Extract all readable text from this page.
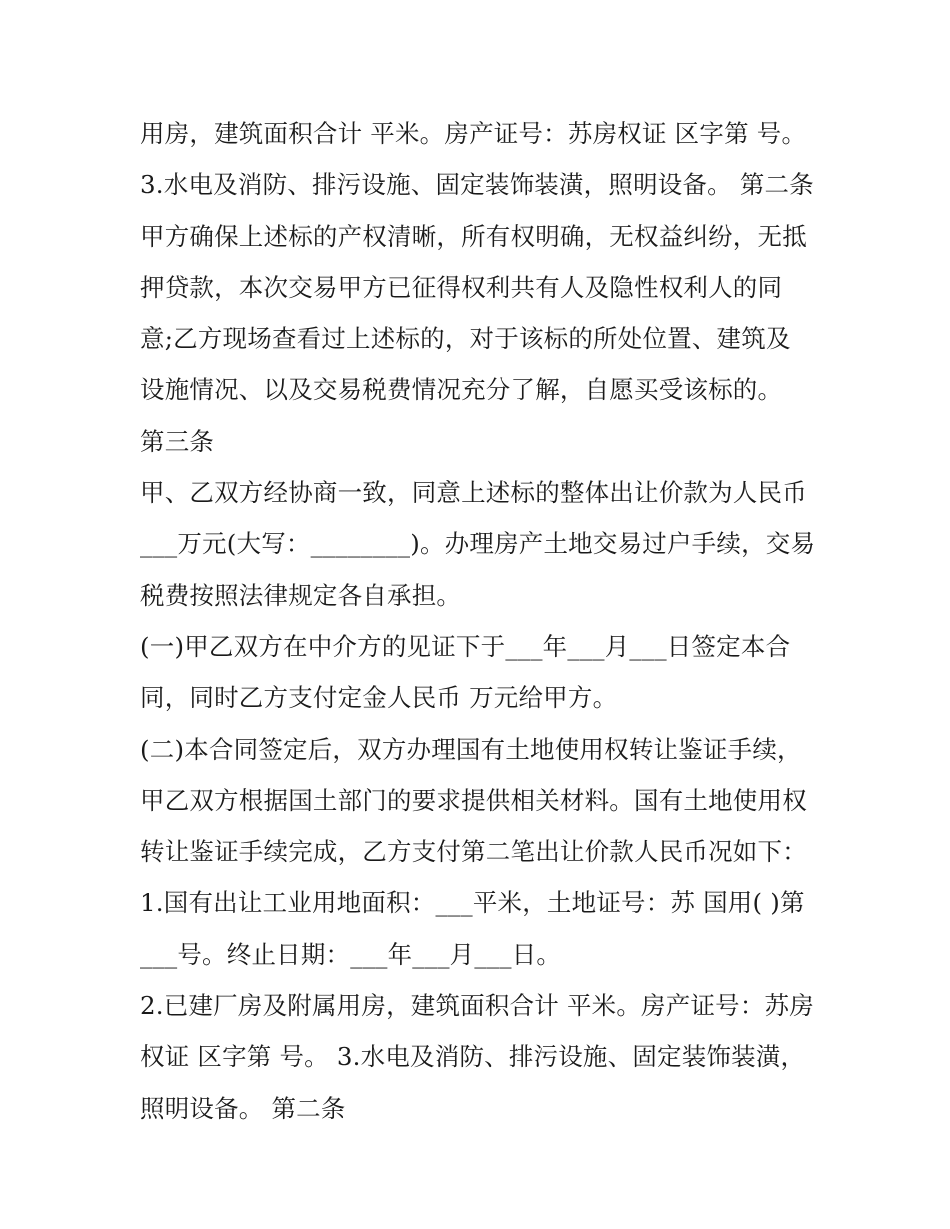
用房，建筑面积合计 平米。房产证号：苏房权证 区字第 号。
3.水电及消防、排污设施、固定装饰装潢，照明设备。 第二条
甲方确保上述标的产权清晰，所有权明确，无权益纠纷，无抵
押贷款，本次交易甲方已征得权利共有人及隐性权利人的同
意;乙方现场查看过上述标的，对于该标的所处位置、建筑及
设施情况、以及交易税费情况充分了解，自愿买受该标的。
第三条
甲、乙双方经协商一致，同意上述标的整体出让价款为人民币
___万元(大写：________)。办理房产土地交易过户手续，交易
税费按照法律规定各自承担。
(一)甲乙双方在中介方的见证下于___年___月___日签定本合
同，同时乙方支付定金人民币 万元给甲方。
(二)本合同签定后，双方办理国有土地使用权转让鉴证手续，
甲乙双方根据国土部门的要求提供相关材料。国有土地使用权
转让鉴证手续完成，乙方支付第二笔出让价款人民币况如下：
1.国有出让工业用地面积：___平米，土地证号：苏 国用( )第
___号。终止日期：___年___月___日。
2.已建厂房及附属用房，建筑面积合计 平米。房产证号：苏房
权证 区字第 号。 3.水电及消防、排污设施、固定装饰装潢，
照明设备。 第二条
